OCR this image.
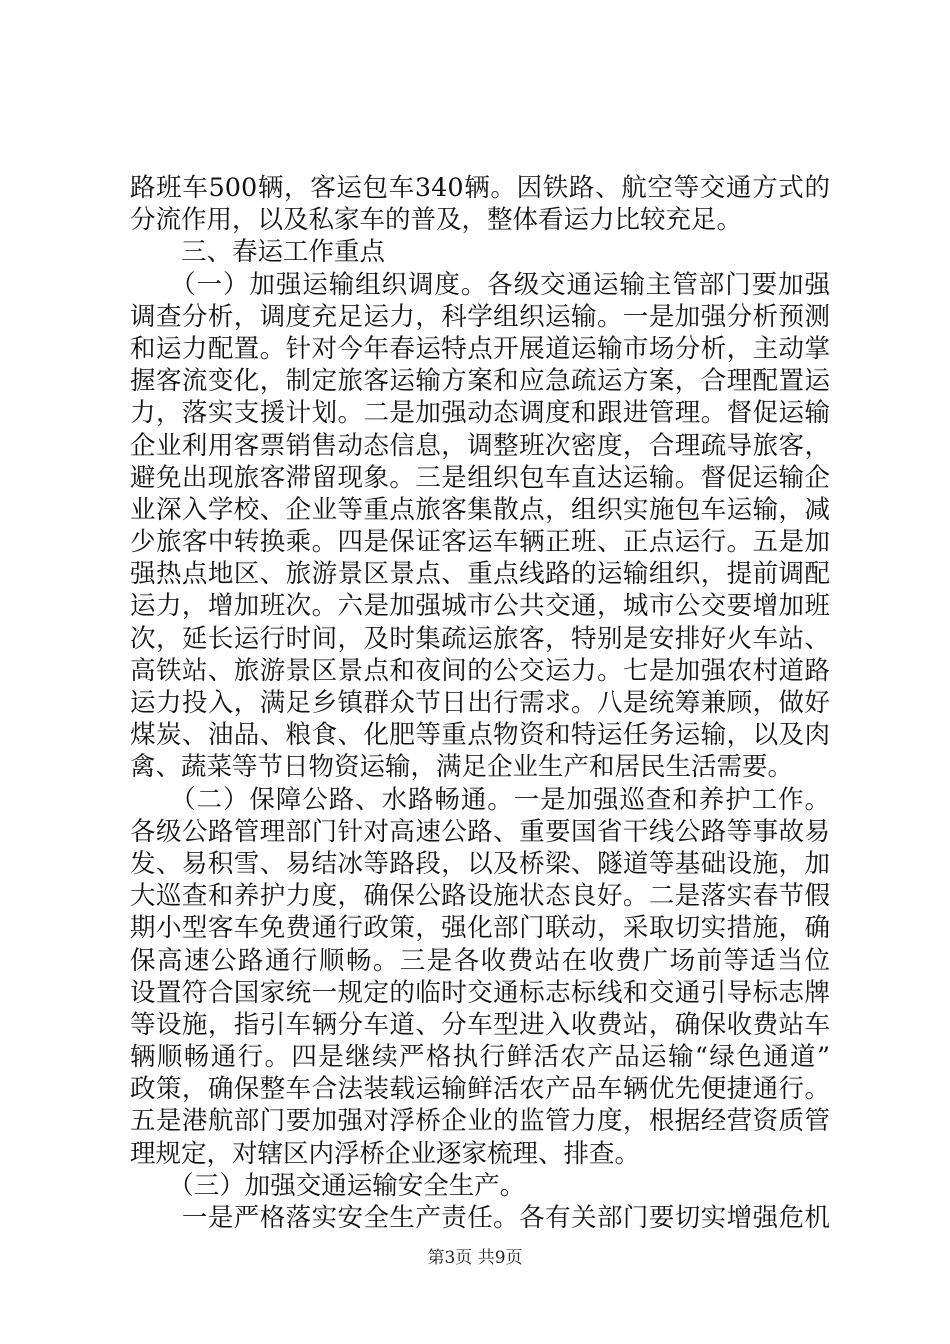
路班车500辆，客运包车340辆。因铁路、航空等交通方式的
分流作用，以及私家车的普及，整体看运力比较充足。
　　三、春运工作重点
　　（一）加强运输组织调度。各级交通运输主管部门要加强
调查分析，调度充足运力，科学组织运输。一是加强分析预测
和运力配置。针对今年春运特点开展道运输市场分析，主动掌
握客流变化，制定旅客运输方案和应急疏运方案，合理配置运
力，落实支援计划。二是加强动态调度和跟进管理。督促运输
企业利用客票销售动态信息，调整班次密度，合理疏导旅客，
避免出现旅客滞留现象。三是组织包车直达运输。督促运输企
业深入学校、企业等重点旅客集散点，组织实施包车运输，减
少旅客中转换乘。四是保证客运车辆正班、正点运行。五是加
强热点地区、旅游景区景点、重点线路的运输组织，提前调配
运力，增加班次。六是加强城市公共交通，城市公交要增加班
次，延长运行时间，及时集疏运旅客，特别是安排好火车站、
高铁站、旅游景区景点和夜间的公交运力。七是加强农村道路
运力投入，满足乡镇群众节日出行需求。八是统筹兼顾，做好
煤炭、油品、粮食、化肥等重点物资和特运任务运输，以及肉
禽、蔬菜等节日物资运输，满足企业生产和居民生活需要。
　　（二）保障公路、水路畅通。一是加强巡查和养护工作。
各级公路管理部门针对高速公路、重要国省干线公路等事故易
发、易积雪、易结冰等路段，以及桥梁、隧道等基础设施，加
大巡查和养护力度，确保公路设施状态良好。二是落实春节假
期小型客车免费通行政策，强化部门联动，采取切实措施，确
保高速公路通行顺畅。三是各收费站在收费广场前等适当位
设置符合国家统一规定的临时交通标志标线和交通引导标志牌
等设施，指引车辆分车道、分车型进入收费站，确保收费站车
辆顺畅通行。四是继续严格执行鲜活农产品运输“绿色通道”
政策，确保整车合法装载运输鲜活农产品车辆优先便捷通行。
五是港航部门要加强对浮桥企业的监管力度，根据经营资质管
理规定，对辖区内浮桥企业逐家梳理、排查。
　　（三）加强交通运输安全生产。
　　一是严格落实安全生产责任。各有关部门要切实增强危机
第3页 共9页
